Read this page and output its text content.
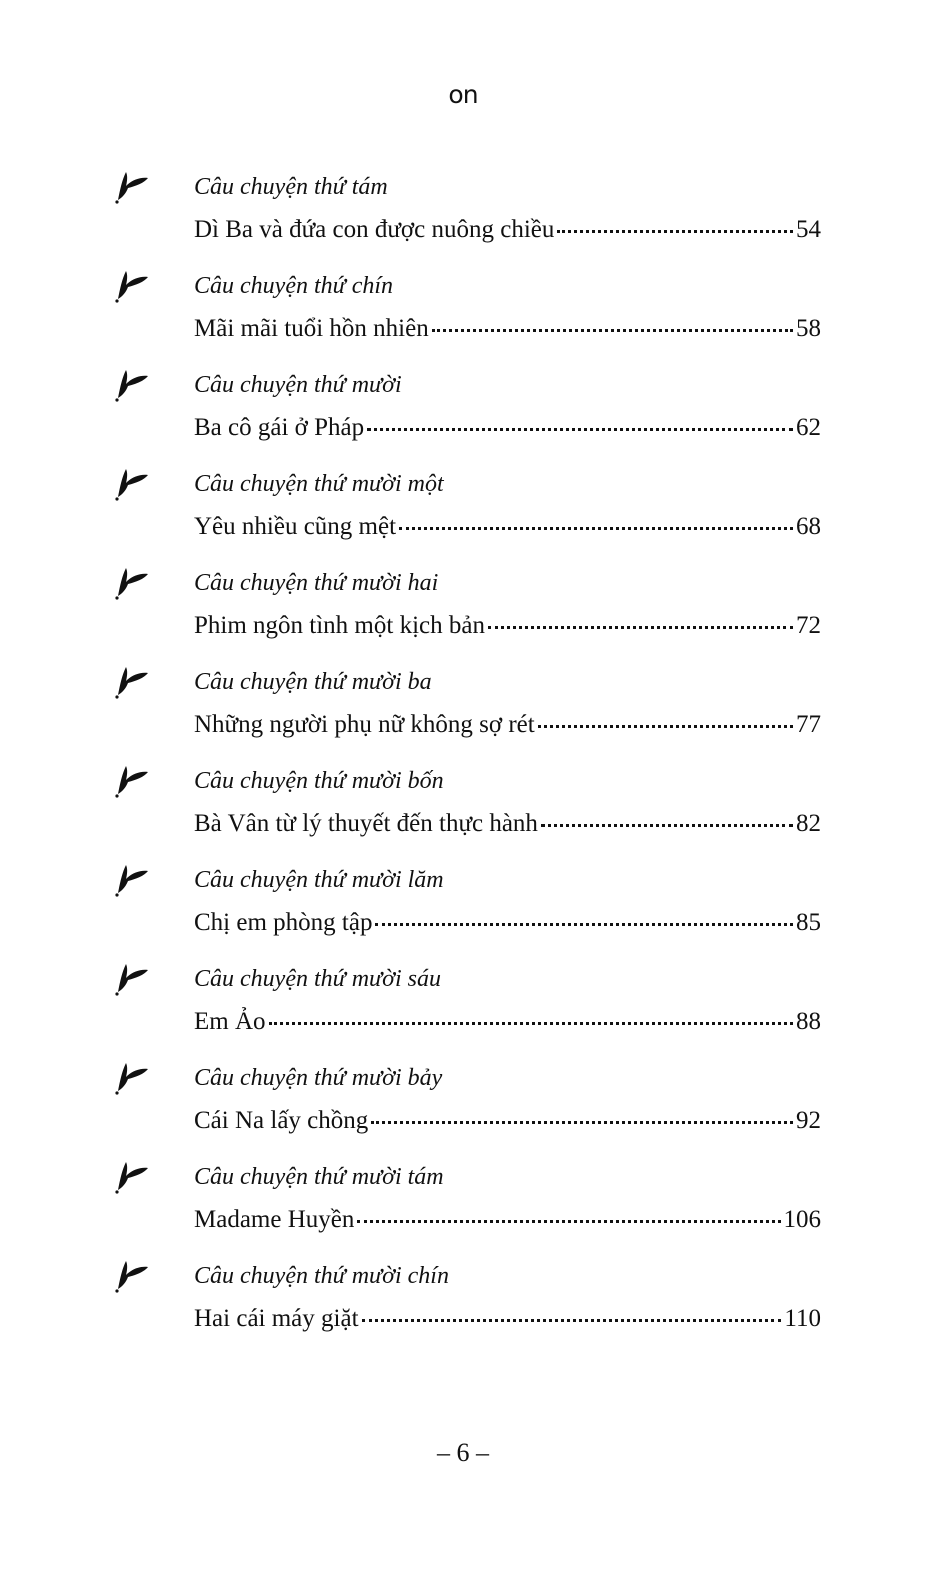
on
Câu chuyện thứ tám
Dì Ba và đứa con được nuông chiều	54
Câu chuyện thứ chín
Mãi mãi tuổi hồn nhiên	58
Câu chuyện thứ mười
Ba cô gái ở Pháp	62
Câu chuyện thứ mười một
Yêu nhiều cũng mệt	68
Câu chuyện thứ mười hai
Phim ngôn tình một kịch bản	72
Câu chuyện thứ mười ba
Những người phụ nữ không sợ rét	77
Câu chuyện thứ mười bốn
Bà Vân từ lý thuyết đến thực hành	82
Câu chuyện thứ mười lăm
Chị em phòng tập	85
Câu chuyện thứ mười sáu
Em Ảo	88
Câu chuyện thứ mười bảy
Cái Na lấy chồng	92
Câu chuyện thứ mười tám
Madame Huyền	106
Câu chuyện thứ mười chín
Hai cái máy giặt	110
– 6 –
